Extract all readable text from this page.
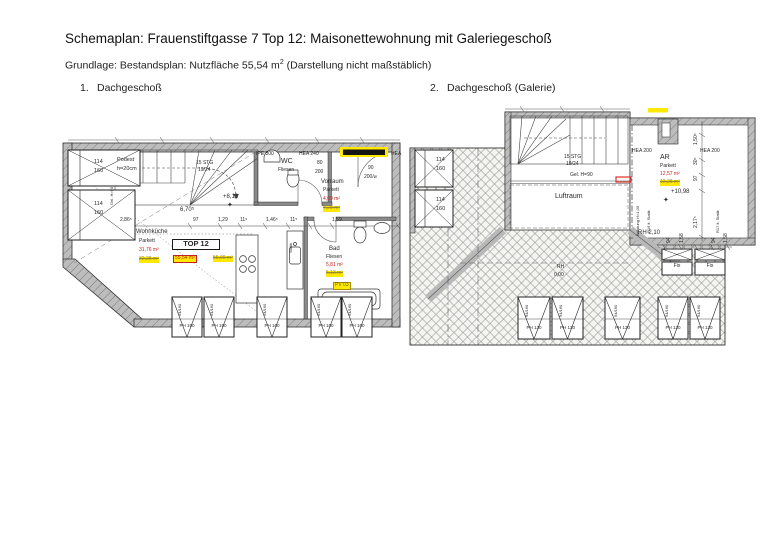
Schemaplan: Frauenstiftgasse 7 Top 12: Maisonettewohnung mit Galeriegeschoß
Grundlage: Bestandsplan: Nutzfläche 55,54 $m^2$ (Darstellung nicht maßstäblich)
1. Dachgeschoß	2. Dachgeschoß (Galerie)
114
160
114
160
Podest
h=20cm
Gel. H=90
15 STG
19/24
IPE 300
WC
Fliesen
HEA 240
80
200
HEA
Vorraum
Parkett
4,09 m²
4,28 m²
90
200/⌀
+8,13
✦
6,70⁵
2,86⁵	97	1,29 11⁵	1,46⁵ 11⁵	1,59
Wohnküche
Parkett
31,76 m²
32,28 m²
TOP 12
55,54 m²	55,99 m²
Bad
Fliesen
5,81 m²
5,13 m²
PV 03
Statik
PH 160	PH 160	PH 160	PH 160	PH 160
94/160	94/160	94/160	94/160	94/160
114
160
114
160
15 STG
19/24
Gel. H=90
Luftraum
HEA 200	HEA 200
AR
Parkett
12,57 m²
12,28 m²
+10,98
✦
Brüstung H=1,00 R16 lt. Statik	R17 lt. Statik
RH 2,10
RH
0,00
1,50⁵
30⁵
97
2,17⁵
94 1,58	94 1,58
Fix	Fix
PH 130	PH 130	PH 130	PH 130	PH 130
94/160	94/160	94/160	94/160	94/160
